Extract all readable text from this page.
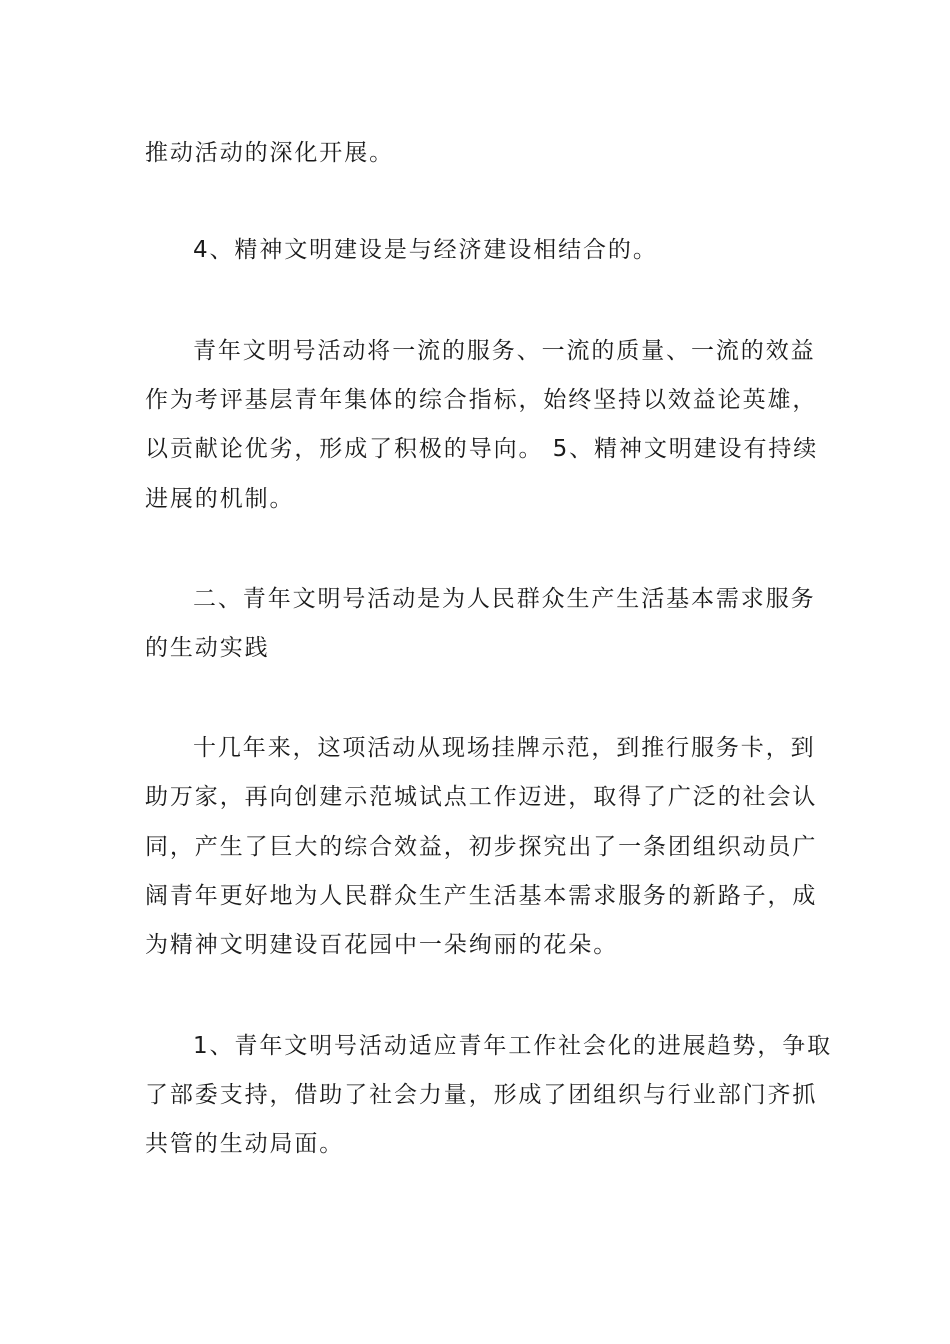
推动活动的深化开展。
4、精神文明建设是与经济建设相结合的。
青年文明号活动将一流的服务、一流的质量、一流的效益
作为考评基层青年集体的综合指标，始终坚持以效益论英雄，
以贡献论优劣，形成了积极的导向。 5、精神文明建设有持续
进展的机制。
二、青年文明号活动是为人民群众生产生活基本需求服务
的生动实践
十几年来，这项活动从现场挂牌示范，到推行服务卡，到
助万家，再向创建示范城试点工作迈进，取得了广泛的社会认
同，产生了巨大的综合效益，初步探究出了一条团组织动员广
阔青年更好地为人民群众生产生活基本需求服务的新路子，成
为精神文明建设百花园中一朵绚丽的花朵。
1、青年文明号活动适应青年工作社会化的进展趋势，争取
了部委支持，借助了社会力量，形成了团组织与行业部门齐抓
共管的生动局面。
